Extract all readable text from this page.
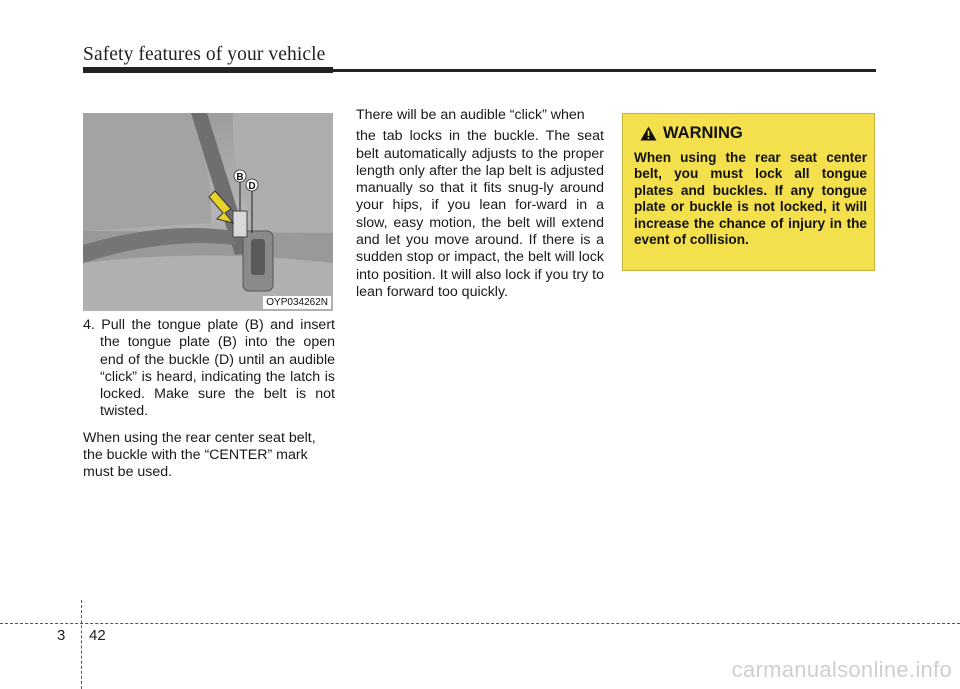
Safety features of your vehicle
B
D
OYP034262N
4. Pull the tongue plate (B) and insert the tongue plate (B) into the open end of the buckle (D) until an audible “click” is heard, indicating the latch is locked. Make sure the belt is not twisted.
When using the rear center seat belt, the buckle with the “CENTER” mark must be used.
There will be an audible “click” when
the tab locks in the buckle. The seat belt automatically adjusts to the proper length only after the lap belt is adjusted manually so that it fits snug-ly around your hips, if you lean for-ward in a slow, easy motion, the belt will extend and let you move around. If there is a sudden stop or impact, the belt will lock into position. It will also lock if you try to lean forward too quickly.
WARNING
When using the rear seat center belt, you must lock all tongue plates and buckles. If any tongue plate or buckle is not locked, it will increase the chance of injury in the event of collision.
3 42
carmanualsonline.info
